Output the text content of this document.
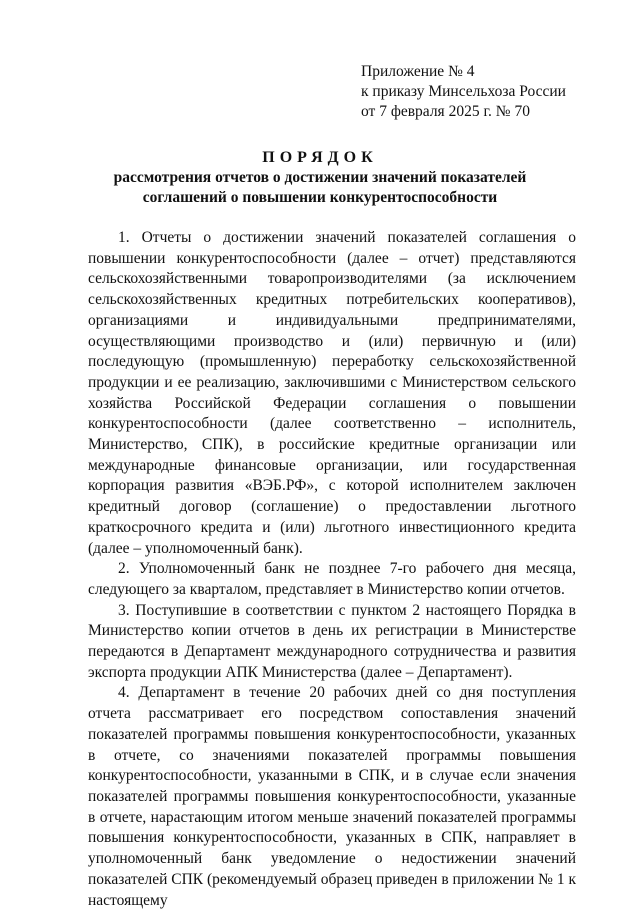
Приложение № 4
к приказу Минсельхоза России
от 7 февраля 2025 г. № 70
ПОРЯДОК
рассмотрения отчетов о достижении значений показателей
соглашений о повышении конкурентоспособности

1. Отчеты о достижении значений показателей соглашения о повышении конкурентоспособности (далее – отчет) представляются сельскохозяйственными товаропроизводителями (за исключением сельскохозяйственных кредитных потребительских кооперативов), организациями и индивидуальными предпринимателями, осуществляющими производство и (или) первичную и (или) последующую (промышленную) переработку сельскохозяйственной продукции и ее реализацию, заключившими с Министерством сельского хозяйства Российской Федерации соглашения о повышении конкурентоспособности (далее соответственно – исполнитель, Министерство, СПК), в российские кредитные организации или международные финансовые организации, или государственная корпорация развития «ВЭБ.РФ», с которой исполнителем заключен кредитный договор (соглашение) о предоставлении льготного краткосрочного кредита и (или) льготного инвестиционного кредита (далее – уполномоченный банк).

2. Уполномоченный банк не позднее 7-го рабочего дня месяца, следующего за кварталом, представляет в Министерство копии отчетов.

3. Поступившие в соответствии с пунктом 2 настоящего Порядка в Министерство копии отчетов в день их регистрации в Министерстве передаются в Департамент международного сотрудничества и развития экспорта продукции АПК Министерства (далее – Департамент).

4. Департамент в течение 20 рабочих дней со дня поступления отчета рассматривает его посредством сопоставления значений показателей программы повышения конкурентоспособности, указанных в отчете, со значениями показателей программы повышения конкурентоспособности, указанными в СПК, и в случае если значения показателей программы повышения конкурентоспособности, указанные в отчете, нарастающим итогом меньше значений показателей программы повышения конкурентоспособности, указанных в СПК, направляет в уполномоченный банк уведомление о недостижении значений показателей СПК (рекомендуемый образец приведен в приложении № 1 к настоящему
